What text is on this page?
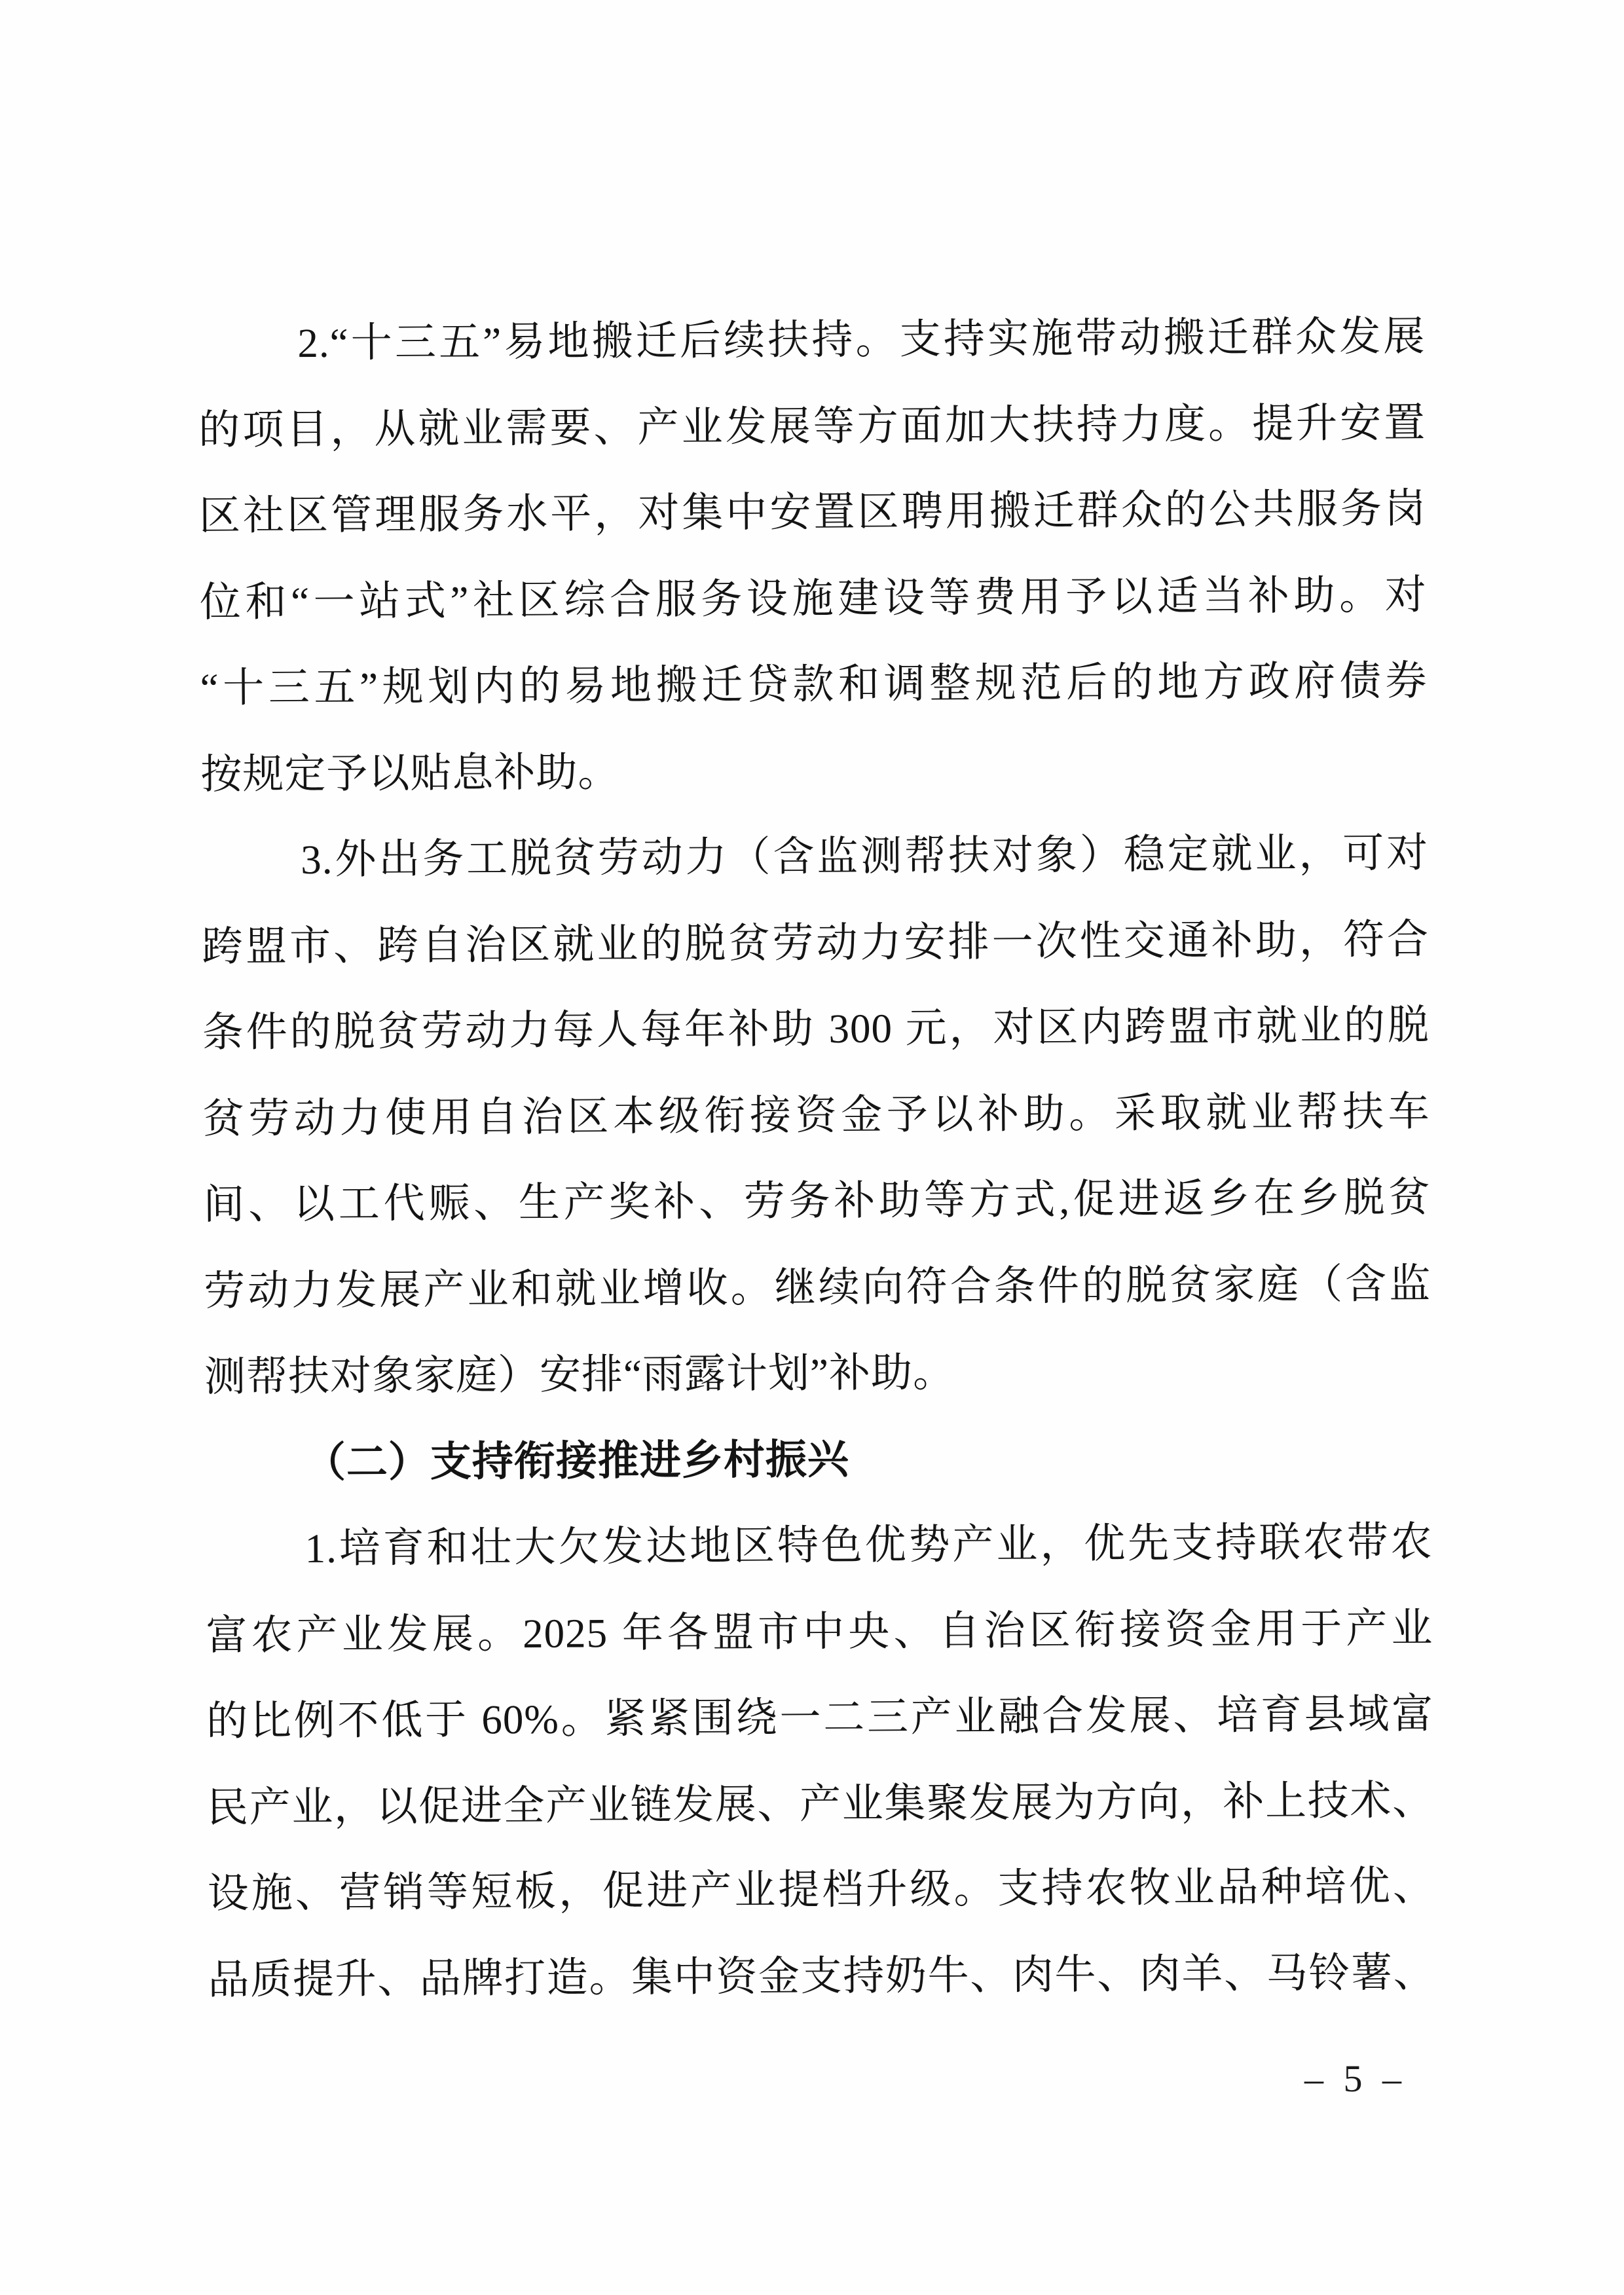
2.“十三五”易地搬迁后续扶持。支持实施带动搬迁群众发展
的项目，从就业需要、产业发展等方面加大扶持力度。提升安置
区社区管理服务水平，对集中安置区聘用搬迁群众的公共服务岗
位和“一站式”社区综合服务设施建设等费用予以适当补助。对
“十三五”规划内的易地搬迁贷款和调整规范后的地方政府债券
按规定予以贴息补助。
3.外出务工脱贫劳动力（含监测帮扶对象）稳定就业，可对
跨盟市、跨自治区就业的脱贫劳动力安排一次性交通补助，符合
条件的脱贫劳动力每人每年补助 300 元，对区内跨盟市就业的脱
贫劳动力使用自治区本级衔接资金予以补助。采取就业帮扶车
间、以工代赈、生产奖补、劳务补助等方式,促进返乡在乡脱贫
劳动力发展产业和就业增收。继续向符合条件的脱贫家庭（含监
测帮扶对象家庭）安排“雨露计划”补助。
（二）支持衔接推进乡村振兴
1.培育和壮大欠发达地区特色优势产业，优先支持联农带农
富农产业发展。2025 年各盟市中央、自治区衔接资金用于产业
的比例不低于 60%。紧紧围绕一二三产业融合发展、培育县域富
民产业，以促进全产业链发展、产业集聚发展为方向，补上技术、
设施、营销等短板，促进产业提档升级。支持农牧业品种培优、
品质提升、品牌打造。集中资金支持奶牛、肉牛、肉羊、马铃薯、
– 5 –
